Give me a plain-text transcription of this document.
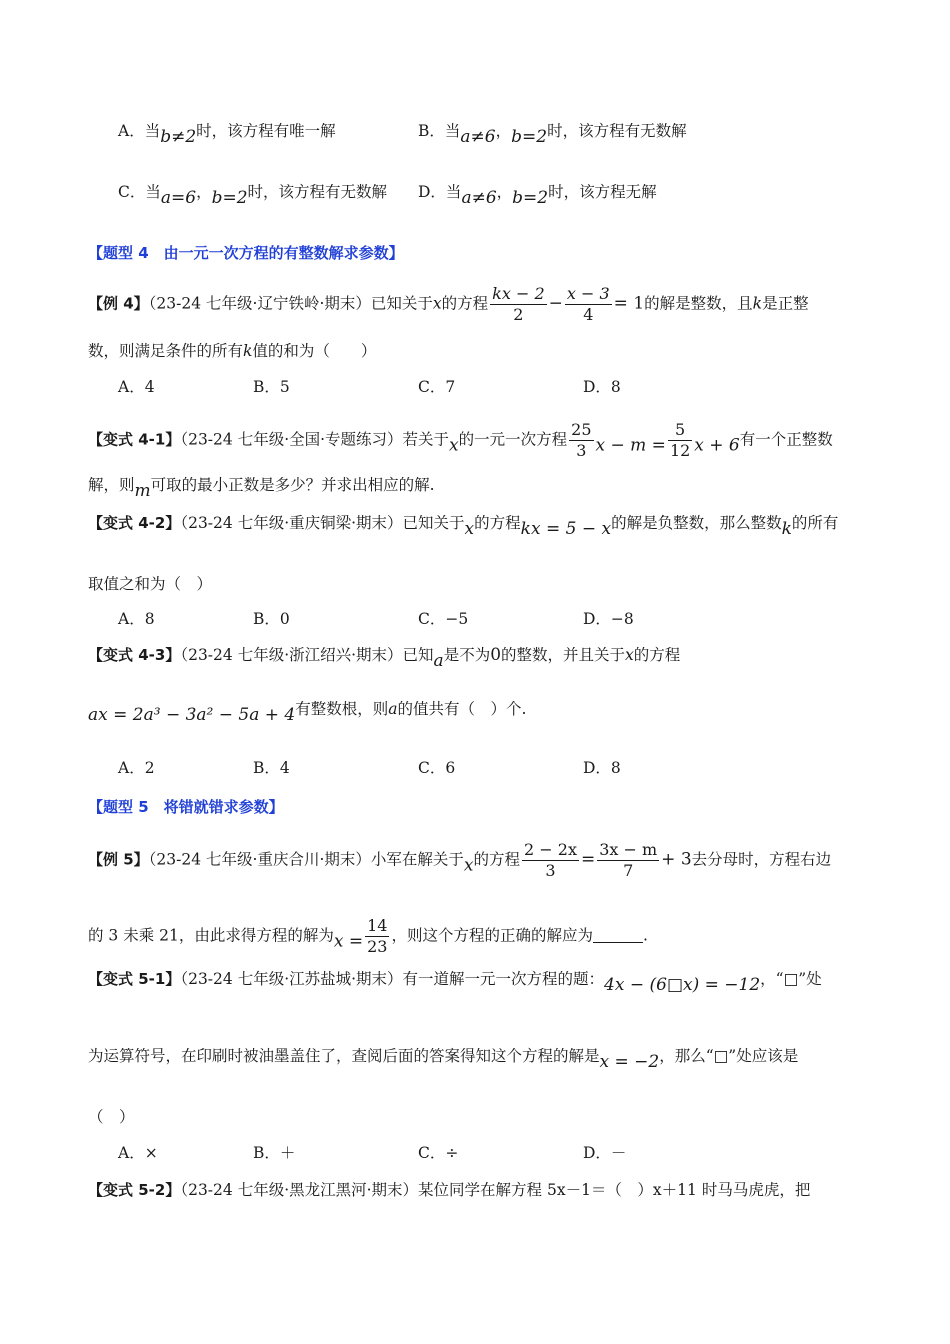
A．当b≠2时，该方程有唯一解	B．当a≠6，b=2时，该方程有无数解
C．当a=6，b=2时，该方程有无数解 D．当a≠6，b=2时，该方程无解
【题型 4　由一元一次方程的有整数解求参数】
【例 4】（23-24 七年级·辽宁铁岭·期末）已知关于x的方程 $\frac{kx - 2}{2} - \frac{x - 3}{4} = 1$的解是整数，且k是正整
数，则满足条件的所有k值的和为（　　）
A．4	B．5	C．7	D．8
【变式 4-1】（23-24 七年级·全国·专题练习）若关于x的一元一次方程 $\frac{25}{3}$ $x - m = \frac{5}{12}$ x + 6有一个正整数
解，则m可取的最小正数是多少？并求出相应的解.
【变式 4-2】（23-24 七年级·重庆铜梁·期末）已知关于x的方程kx = 5 − x的解是负整数，那么整数k的所有
取值之和为（　）
A．8	B．0	C．−5	D．−8
【变式 4-3】（23-24 七年级·浙江绍兴·期末）已知a是不为0的整数，并且关于x的方程
ax = 2a³ − 3a² − 5a + 4有整数根，则a的值共有（　）个.
A．2	B．4	C．6	D．8
【题型 5　将错就错求参数】
【例 5】（23-24 七年级·重庆合川·期末）小军在解关于x的方程 $\frac{2 - 2x}{3} = \frac{3x - m}{7} + 3$去分母时，方程右边
的 3 未乘 21，由此求得方程的解为$x = \frac{14}{23}$ ，则这个方程的正确的解应为	.
【变式 5-1】（23-24 七年级·江苏盐城·期末）有一道解一元一次方程的题：4x − (6□x) = −12，“□”处
为运算符号，在印刷时被油墨盖住了，查阅后面的答案得知这个方程的解是x = −2，那么“□”处应该是
（　）
A．×	B．＋	C．÷	D．－
【变式 5-2】（23-24 七年级·黑龙江黑河·期末）某位同学在解方程 5x－1＝（　）x＋11 时马马虎虎，把
